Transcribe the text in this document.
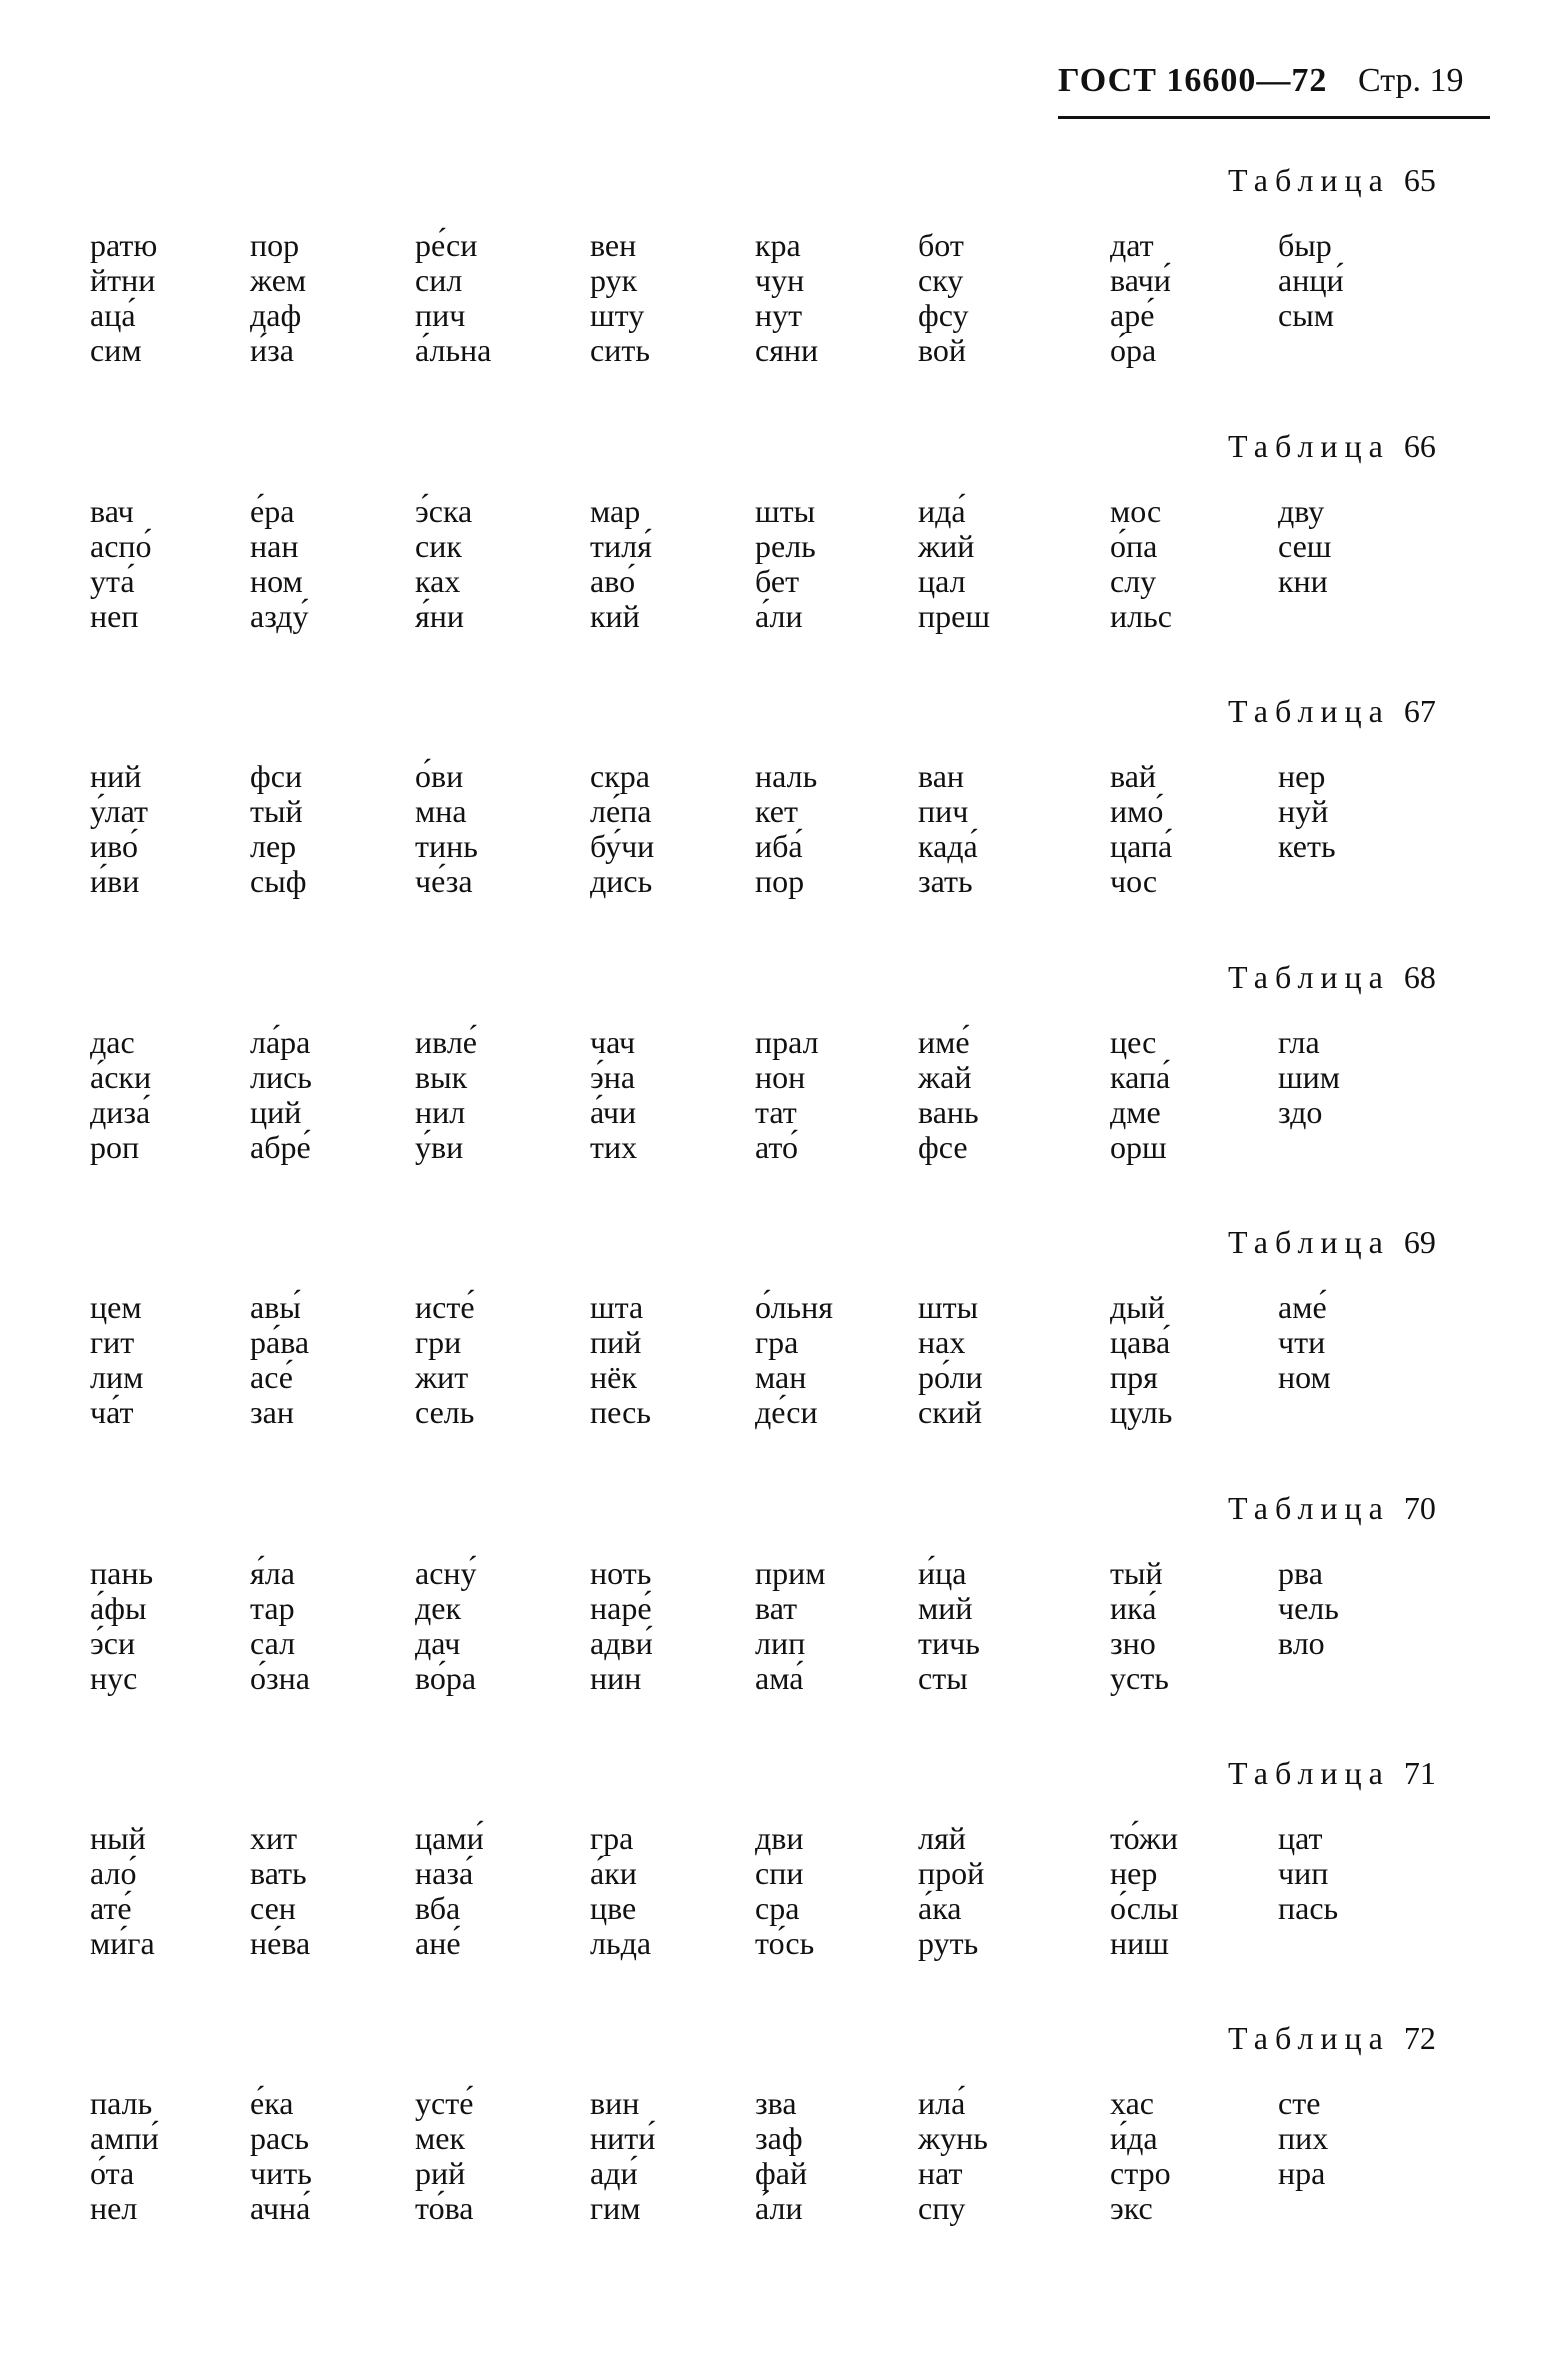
ГОСТ 16600—72 Стр. 19
Таблица 65
ратю
йтни
аца́
сим
пор
жем
даф
и́за
ре́си
сил
пич
а́льна
вен
рук
шту
сить
кра
чун
нут
сяни
бот
ску
фсу
вой
дат
вачи́
аре́
о́ра
быр
анци́
сым
Таблица 66
вач
аспо́
ута́
неп
е́ра
нан
ном
азду́
э́ска
сик
ках
я́ни
мар
тиля́
аво́
кий
шты
рель
бет
а́ли
ида́
жий
цал
преш
мос
о́па
слу
ильс
дву
сеш
кни
Таблица 67
ний
у́лат
иво́
и́ви
фси
тый
лер
сыф
о́ви
мна
тинь
че́за
скра
ле́па
бу́чи
дись
наль
кет
иба́
пор
ван
пич
када́
зать
вай
имо́
цапа́
чос
нер
нуй
кеть
Таблица 68
дас
а́ски
диза́
роп
ла́ра
лись
ций
абре́
ивле́
вык
нил
у́ви
чач
э́на
а́чи
тих
прал
нон
тат
ато́
име́
жай
вань
фсе
цес
капа́
дме
орш
гла
шим
здо
Таблица 69
цем
гит
лим
ча́т
авы́
ра́ва
асе́
зан
исте́
гри
жит
сель
шта
пий
нёк
песь
о́льня
гра
ман
де́си
шты
нах
ро́ли
ский
дый
цава́
пря
цуль
аме́
чти
ном
Таблица 70
пань
а́фы
э́си
нус
я́ла
тар
сал
о́зна
асну́
дек
дач
во́ра
ноть
наре́
адви́
нин
прим
ват
лип
ама́
и́ца
мий
тичь
сты
тый
ика́
зно
усть
рва
чель
вло
Таблица 71
ный
ало́
ате́
ми́га
хит
вать
сен
не́ва
цами́
наза́
вба
ане́
гра
а́ки
цве
льда
дви
спи
сра
то́сь
ляй
прой
а́ка
руть
то́жи
нер
о́слы
ниш
цат
чип
пась
Таблица 72
паль
ампи́
о́та
нел
е́ка
рась
чить
ачна́
усте́
мек
рий
то́ва
вин
нити́
ади́
гим
зва
заф
фай
а́ли
ила́
жунь
нат
спу
хас
и́да
стро
экс
сте
пих
нра
